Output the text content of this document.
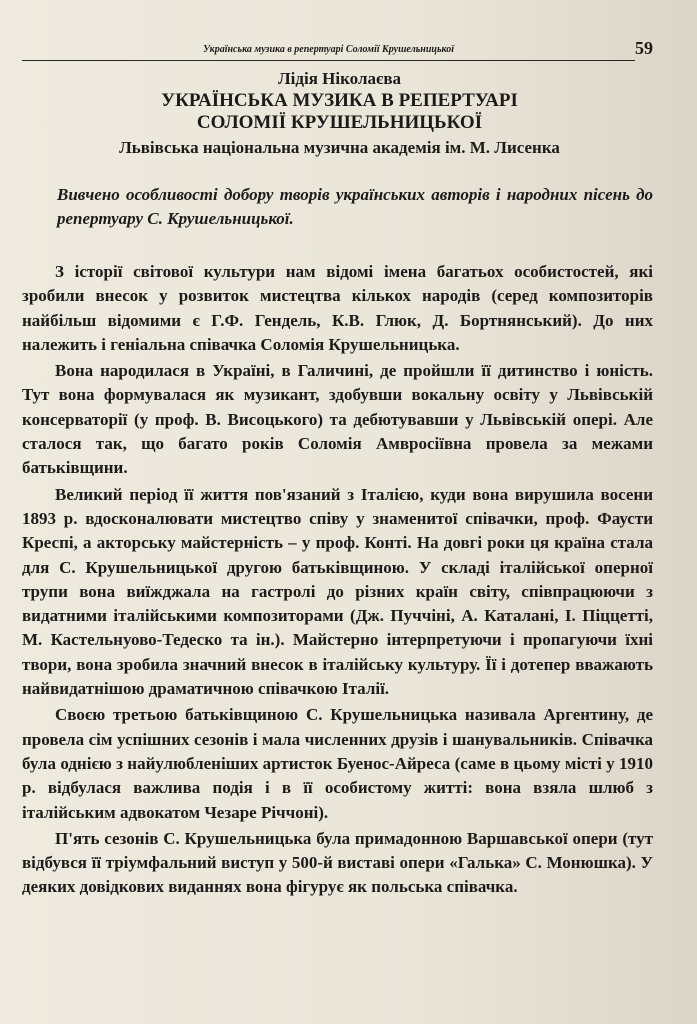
Українська музика в репертуарі Соломії Крушельницької	59
Лідія Ніколаєва
УКРАЇНСЬКА МУЗИКА В РЕПЕРТУАРІ
СОЛОМІЇ КРУШЕЛЬНИЦЬКОЇ
Львівська національна музична академія ім. М. Лисенка
Вивчено особливості добору творів українських авторів і народних пісень до репертуару С. Крушельницької.

З історії світової культури нам відомі імена багатьох особистостей, які зробили внесок у розвиток мистецтва кількох народів (серед композиторів найбільш відомими є Г.Ф. Гендель, К.В. Глюк, Д. Бортнянський). До них належить і геніальна співачка Соломія Крушельницька.

Вона народилася в Україні, в Галичині, де пройшли її дитинство і юність. Тут вона формувалася як музикант, здобувши вокальну освіту у Львівській консерваторії (у проф. В. Висоцького) та дебютувавши у Львівській опері. Але сталося так, що багато років Соломія Амвросіївна провела за межами батьківщини.

Великий період її життя пов'язаний з Італією, куди вона вирушила восени 1893 р. вдосконалювати мистецтво співу у знаменитої співачки, проф. Фаусти Креспі, а акторську майстерність – у проф. Конті. На довгі роки ця країна стала для С. Крушельницької другою батьківщиною. У складі італійської оперної трупи вона виїжджала на гастролі до різних країн світу, співпрацюючи з видатними італійськими композиторами (Дж. Пуччіні, А. Каталані, І. Піццетті, М. Кастельнуово-Тедеско та ін.). Майстерно інтерпретуючи і пропагуючи їхні твори, вона зробила значний внесок в італійську культуру. Її і дотепер вважають найвидатнішою драматичною співачкою Італії.

Своєю третьою батьківщиною С. Крушельницька називала Аргентину, де провела сім успішних сезонів і мала численних друзів і шанувальників. Співачка була однією з найулюбленіших артисток Буенос-Айреса (саме в цьому місті у 1910 р. відбулася важлива подія і в її особистому житті: вона взяла шлюб з італійським адвокатом Чезаре Річчоні).

П'ять сезонів С. Крушельницька була примадонною Варшавської опери (тут відбувся її тріумфальний виступ у 500-й виставі опери «Галька» С. Монюшка). У деяких довідкових виданнях вона фігурує як польська співачка.
